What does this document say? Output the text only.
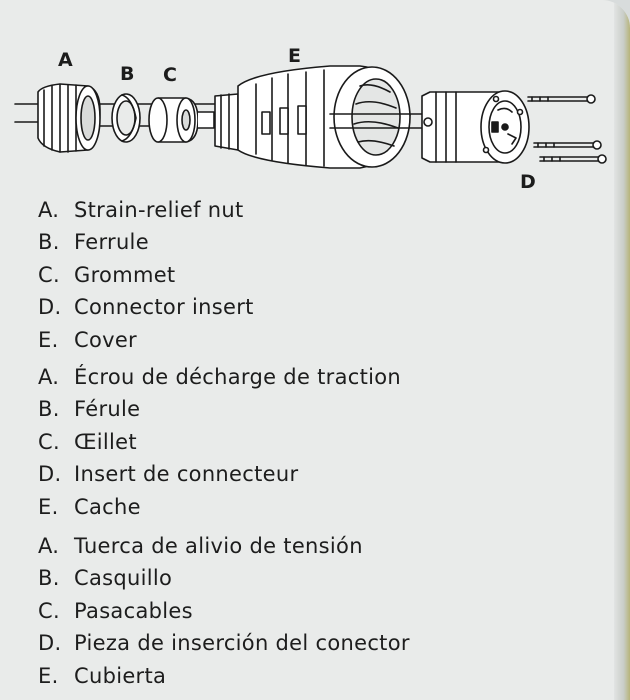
A
B C
E
D
A. Strain-relief nut
B. Ferrule
C. Grommet
D. Connector insert
E. Cover
A. Écrou de décharge de traction
B. Férule
C. Œillet
D. Insert de connecteur
E. Cache
A. Tuerca de alivio de tensión
B. Casquillo
C. Pasacables
D. Pieza de inserción del conector
E. Cubierta
